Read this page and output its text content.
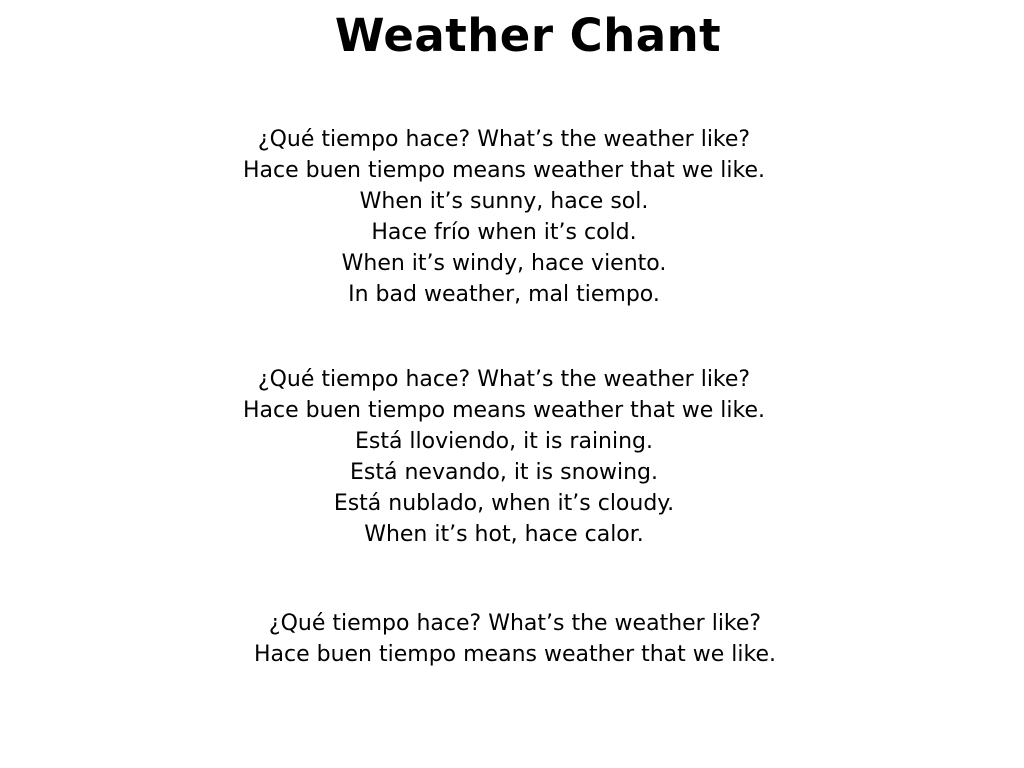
Weather Chant
¿Qué tiempo hace? What’s the weather like?
Hace buen tiempo means weather that we like.
When it’s sunny, hace sol.
Hace frío when it’s cold.
When it’s windy, hace viento.
In bad weather, mal tiempo.
¿Qué tiempo hace? What’s the weather like?
Hace buen tiempo means weather that we like.
Está lloviendo, it is raining.
Está nevando, it is snowing.
Está nublado, when it’s cloudy.
When it’s hot, hace calor.
¿Qué tiempo hace? What’s the weather like?
Hace buen tiempo means weather that we like.
